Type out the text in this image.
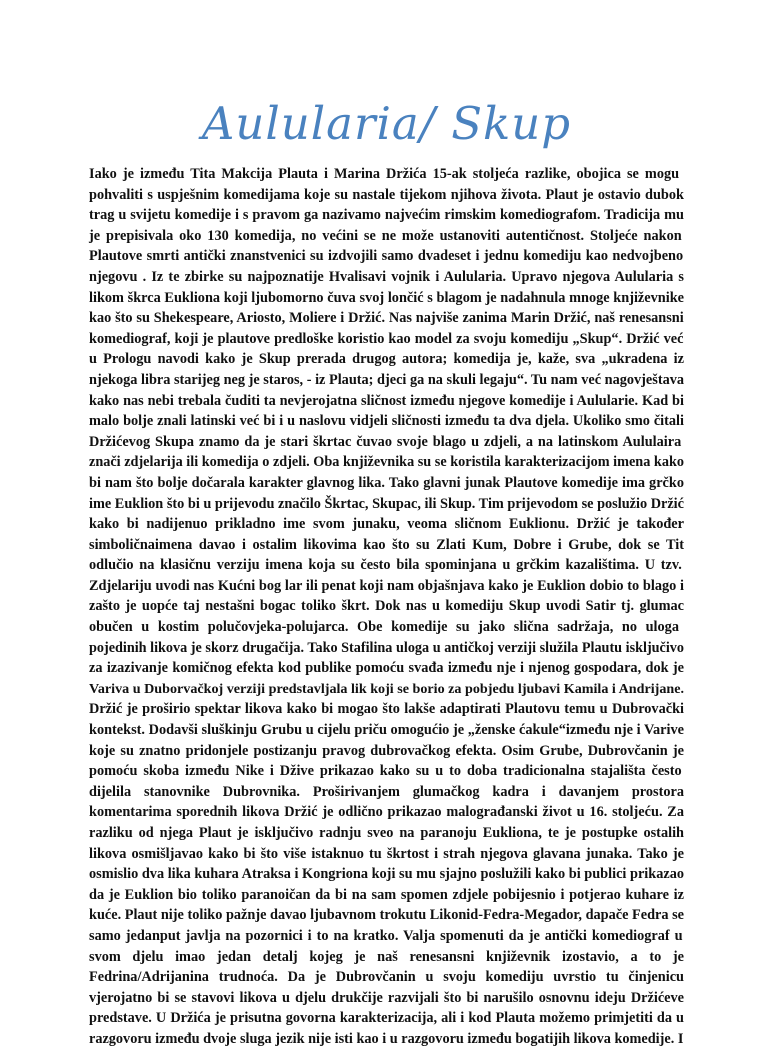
Aulularia/ Skup
Iako je između Tita Makcija Plauta i Marina Držića 15-ak stoljeća razlike, obojica se mogu
pohvaliti s uspješnim komedijama koje su nastale tijekom njihova života. Plaut je ostavio dubok
trag u svijetu komedije i s pravom ga nazivamo najvećim rimskim komediografom. Tradicija mu
je prepisivala oko 130 komedija, no većini se ne može ustanoviti autentičnost. Stoljeće nakon
Plautove smrti antički znanstvenici su izdvojili samo dvadeset i jednu komediju kao nedvojbeno
njegovu . Iz te zbirke su najpoznatije Hvalisavi vojnik i Aulularia. Upravo njegova Aulularia s
likom škrca Eukliona koji ljubomorno čuva svoj lončić s blagom je nadahnula mnoge književnike
kao što su Shekespeare, Ariosto, Moliere i Držić. Nas najviše zanima Marin Držić, naš renesansni
komediograf, koji je plautove predloške koristio kao model za svoju komediju „Skup“. Držić već
u Prologu navodi kako je Skup prerada drugog autora; komedija je, kaže, sva „ukradena iz
njekoga libra starijeg neg je staros, - iz Plauta; djeci ga na skuli legaju“. Tu nam već nagovještava
kako nas nebi trebala čuditi ta nevjerojatna sličnost između njegove komedije i Aulularie. Kad bi
malo bolje znali latinski već bi i u naslovu vidjeli sličnosti između ta dva djela. Ukoliko smo čitali
Držićevog Skupa znamo da je stari škrtac čuvao svoje blago u zdjeli, a na latinskom Aululaira
znači zdjelarija ili komedija o zdjeli. Oba književnika su se koristila karakterizacijom imena kako
bi nam što bolje dočarala karakter glavnog lika. Tako glavni junak Plautove komedije ima grčko
ime Euklion što bi u prijevodu značilo Škrtac, Skupac, ili Skup. Tim prijevodom se poslužio Držić
kako bi nadijenuo prikladno ime svom junaku, veoma sličnom Euklionu. Držić je također
simboličnaimena davao i ostalim likovima kao što su Zlati Kum, Dobre i Grube, dok se Tit
odlučio na klasičnu verziju imena koja su često bila spominjana u grčkim kazalištima. U tzv.
Zdjelariju uvodi nas Kućni bog lar ili penat koji nam objašnjava kako je Euklion dobio to blago i
zašto je uopće taj nestašni bogac toliko škrt. Dok nas u komediju Skup uvodi Satir tj. glumac
obučen u kostim polučovjeka-polujarca. Obe komedije su jako slična sadržaja, no uloga
pojedinih likova je skorz drugačija. Tako Stafilina uloga u antičkoj verziji služila Plautu isključivo
za izazivanje komičnog efekta kod publike pomoću svađa između nje i njenog gospodara, dok je
Variva u Duborvačkoj verziji predstavljala lik koji se borio za pobjedu ljubavi Kamila i Andrijane.
Držić je proširio spektar likova kako bi mogao što lakše adaptirati Plautovu temu u Dubrovački
kontekst. Dodavši sluškinju Grubu u cijelu priču omogućio je „ženske ćakule“između nje i Varive
koje su znatno pridonjele postizanju pravog dubrovačkog efekta. Osim Grube, Dubrovčanin je
pomoću skoba između Nike i Džive prikazao kako su u to doba tradicionalna stajališta često
dijelila stanovnike Dubrovnika. Proširivanjem glumačkog kadra i davanjem prostora
komentarima sporednih likova Držić je odlično prikazao malograđanski život u 16. stoljeću. Za
razliku od njega Plaut je isključivo radnju sveo na paranoju Eukliona, te je postupke ostalih
likova osmišljavao kako bi što više istaknuo tu škrtost i strah njegova glavana junaka. Tako je
osmislio dva lika kuhara Atraksa i Kongriona koji su mu sjajno poslužili kako bi publici prikazao
da je Euklion bio toliko paranoičan da bi na sam spomen zdjele pobijesnio i potjerao kuhare iz
kuće. Plaut nije toliko pažnje davao ljubavnom trokutu Likonid-Fedra-Megador, dapače Fedra se
samo jedanput javlja na pozornici i to na kratko. Valja spomenuti da je antički komediograf u
svom djelu imao jedan detalj kojeg je naš renesansni književnik izostavio, a to je
Fedrina/Adrijanina trudnoća. Da je Dubrovčanin u svoju komediju uvrstio tu činjenicu
vjerojatno bi se stavovi likova u djelu drukčije razvijali što bi narušilo osnovnu ideju Držićeve
predstave. U Držića je prisutna govorna karakterizacija, ali i kod Plauta možemo primjetiti da u
razgovoru između dvoje sluga jezik nije isti kao i u razgovoru između bogatijih likova komedije. I
